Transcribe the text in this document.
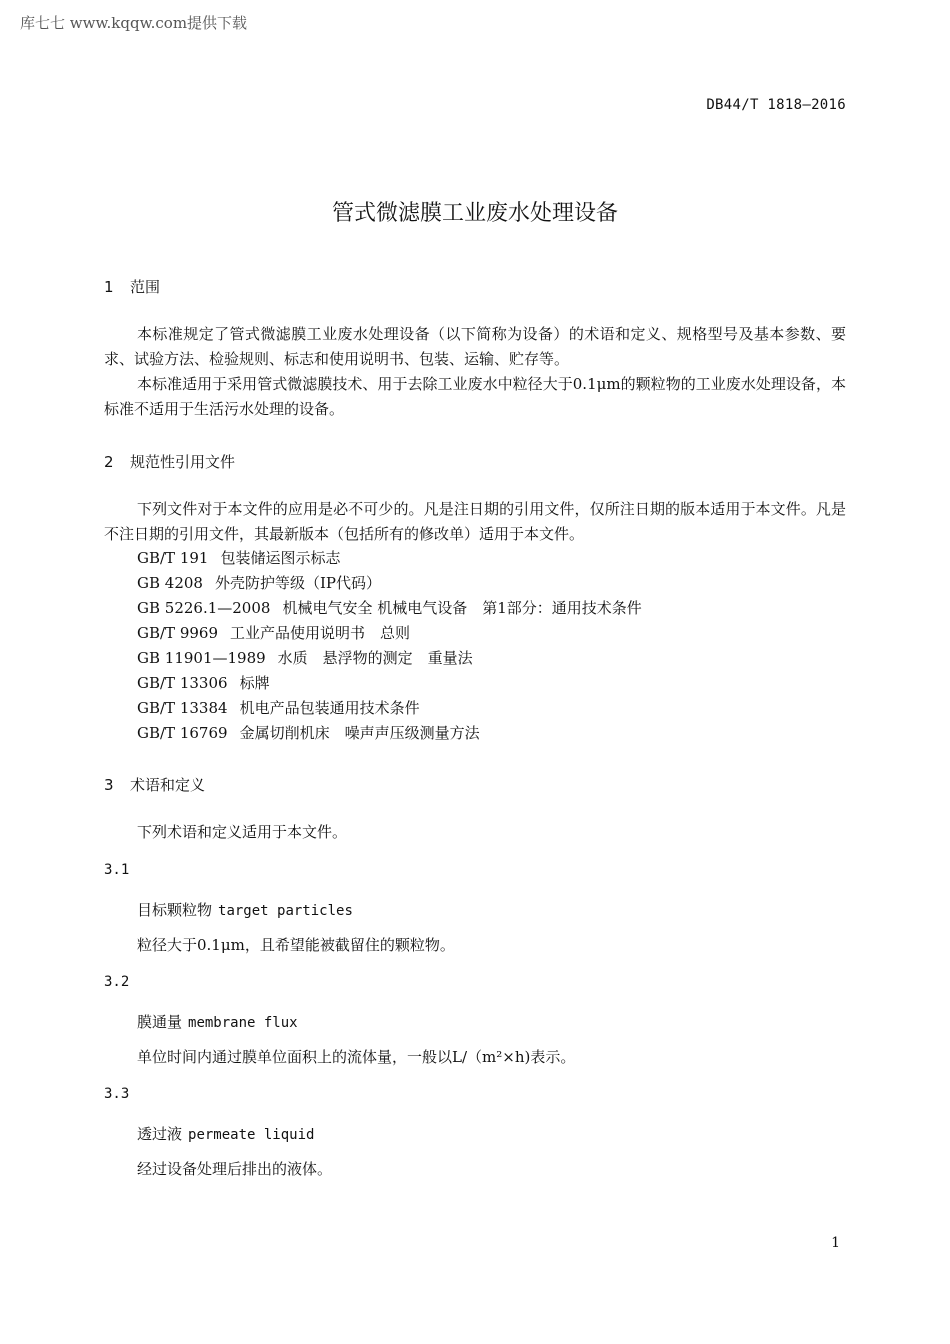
库七七 www.kqqw.com提供下载
DB44/T 1818—2016
管式微滤膜工业废水处理设备
1 范围
本标准规定了管式微滤膜工业废水处理设备（以下简称为设备）的术语和定义、规格型号及基本参数、要求、试验方法、检验规则、标志和使用说明书、包装、运输、贮存等。
本标准适用于采用管式微滤膜技术、用于去除工业废水中粒径大于0.1μm的颗粒物的工业废水处理设备，本标准不适用于生活污水处理的设备。
2 规范性引用文件
下列文件对于本文件的应用是必不可少的。凡是注日期的引用文件，仅所注日期的版本适用于本文件。凡是不注日期的引用文件，其最新版本（包括所有的修改单）适用于本文件。
GB/T 191 包装储运图示标志
GB 4208 外壳防护等级（IP代码）
GB 5226.1—2008 机械电气安全 机械电气设备　第1部分：通用技术条件
GB/T 9969 工业产品使用说明书　总则
GB 11901—1989 水质　悬浮物的测定　重量法
GB/T 13306 标牌
GB/T 13384 机电产品包装通用技术条件
GB/T 16769 金属切削机床　噪声声压级测量方法
3 术语和定义
下列术语和定义适用于本文件。
3.1
目标颗粒物 target particles
粒径大于0.1μm，且希望能被截留住的颗粒物。
3.2
膜通量 membrane flux
单位时间内通过膜单位面积上的流体量，一般以L/（m²×h)表示。
3.3
透过液 permeate liquid
经过设备处理后排出的液体。
1
